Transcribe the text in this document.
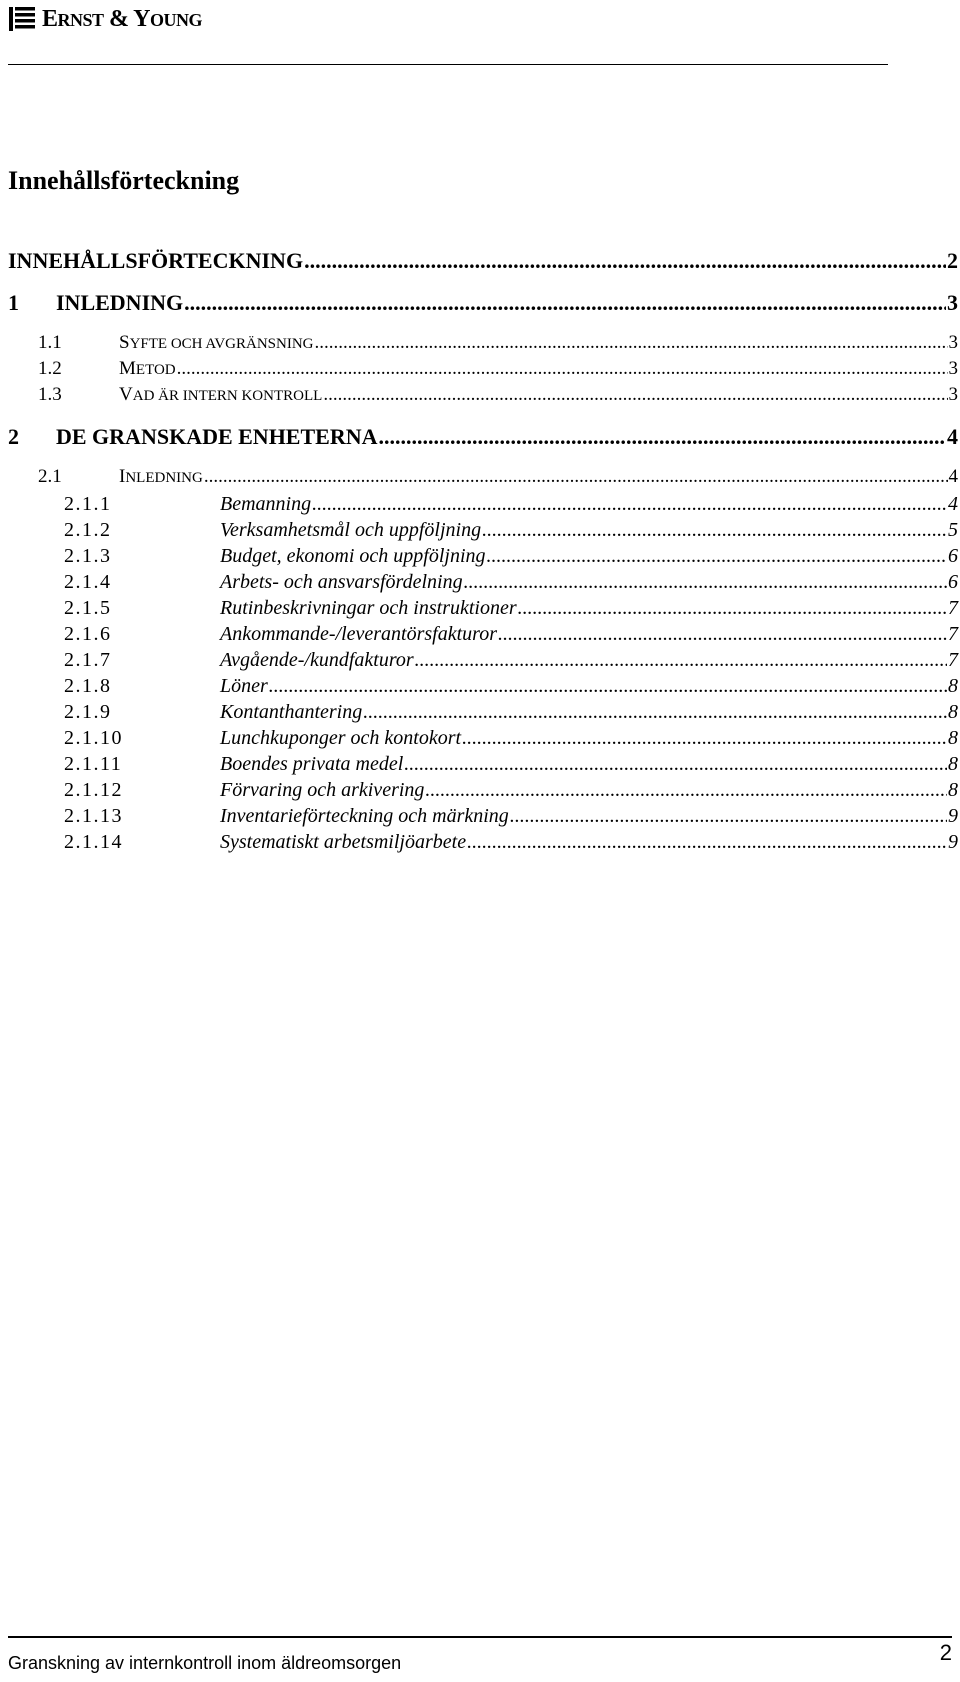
ERNST & YOUNG
Innehållsförteckning
INNEHÅLLSFÖRTECKNING .....	2
1	INLEDNING .....	3
1.1	SYFTE OCH AVGRÄNSNING .....	3
1.2	METOD .....	3
1.3	VAD ÄR INTERN KONTROLL .....	3
2	DE GRANSKADE ENHETERNA .....	4
2.1	INLEDNING .....	4
2.1.1	Bemanning .....	4
2.1.2	Verksamhetsmål och uppföljning .....	5
2.1.3	Budget, ekonomi och uppföljning .....	6
2.1.4	Arbets- och ansvarsfördelning .....	6
2.1.5	Rutinbeskrivningar och instruktioner .....	7
2.1.6	Ankommande-/leverantörsfakturor .....	7
2.1.7	Avgående-/kundfakturor .....	7
2.1.8	Löner .....	8
2.1.9	Kontanthantering .....	8
2.1.10	Lunchkuponger och kontokort .....	8
2.1.11	Boendes privata medel .....	8
2.1.12	Förvaring och arkivering .....	8
2.1.13	Inventarieförteckning och märkning .....	9
2.1.14	Systematiskt arbetsmiljöarbete .....	9
Granskning av internkontroll inom äldreomsorgen	2
